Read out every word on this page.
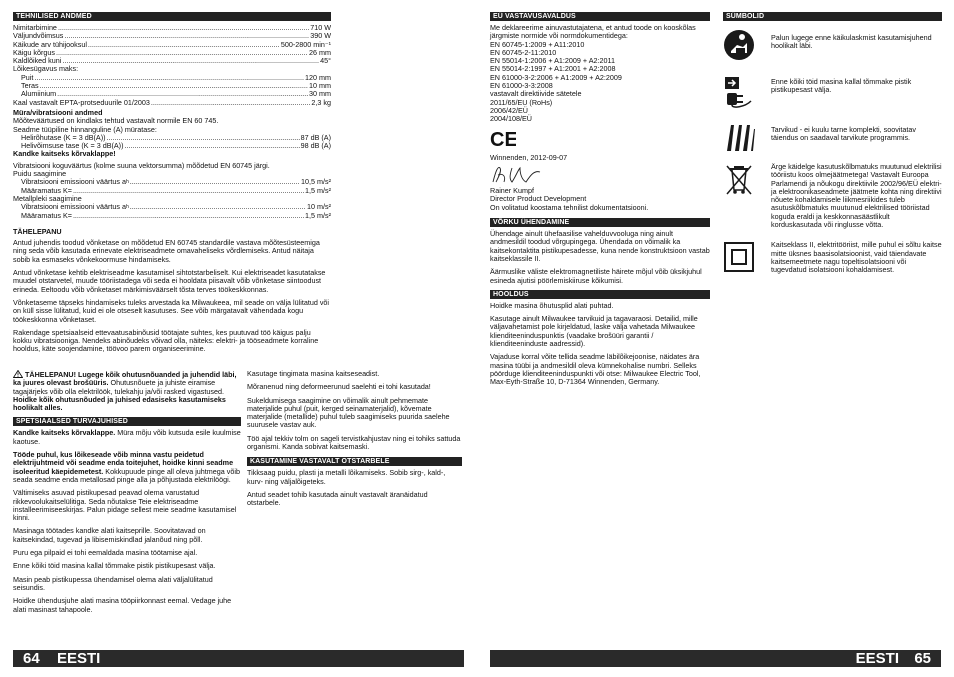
TEHNILISED ANDMED
Nimitarbimine .....	710 W
Väljundvõimsus .....	390 W
Käikude arv tühijooksul .....	500-2800 min⁻¹
Käigu kõrgus .....	26 mm
Kaldlõiked kuni .....	45°
Lõikesügavus maks:
Puit .....	120 mm
Teras .....	10 mm
Alumiinium .....	30 mm
Kaal vastavalt EPTA-protseduurile 01/2003 .....	2,3 kg
Müra/vibratsiooni andmed
Mõõteväärtused on kindlaks tehtud vastavalt normile EN 60 745.
Seadme tüüpiline hinnanguline (A) müratase:
Helirõhutase (K = 3 dB(A)) .....	87 dB (A)
Helivõimsuse tase (K = 3 dB(A)) .....	98 dB (A)
Kandke kaitseks kõrvaklappe!
Vibratsiooni koguväärtus (kolme suuna vektorsumma) mõõdetud EN 60745 järgi.
Puidu saagimine
Vibratsiooni emissiooni väärtus a h .....	10,5 m/s²
Määramatus K= .....	1,5 m/s²
Metallpleki saagimine
Vibratsiooni emissiooni väärtus a h .....	10 m/s²
Määramatus K= .....	1,5 m/s²
TÄHELEPANU

Antud juhendis toodud võnketase on mõõdetud EN 60745 standardile vastava mõõtesüsteemiga ning seda võib kasutada erinevate elektriseadmete omavaheliseks võrdlemiseks. Antud näitaja sobib ka esmaseks võnkekoormuse hindamiseks.

Antud võnketase kehtib elektriseadme kasutamisel sihtotstarbeliselt. Kui elektriseadet kasutatakse muudel otstarvetel, muude tööriistadega või seda ei hooldata piisavalt võib võnketase siintoodust erineda. Eeltoodu võib võnketaset märkimisväärselt tõsta terves töökeskkonnas.

Võnketaseme täpseks hindamiseks tuleks arvestada ka Milwaukeea, mil seade on välja lülitatud või on küll sisse lülitatud, kuid ei ole otseselt kasutuses. See võib märgatavalt vähendada kogu töökeskkonna võnketaset.

Rakendage spetsiaalseid ettevaatusabinõusid töötajate suhtes, kes puutuvad töö käigus palju kokku vibratsiooniga. Nendeks abinõudeks võivad olla, näiteks: elektri- ja tööseadmete korraline hooldus, käte soojendamine, töövoo parem organiseerimine.

TÄHELEPANU! Lugege kõik ohutusnõuanded ja juhendid läbi, ka juures olevast brošüüris. Ohutusnõuete ja juhiste eiramise tagajärjeks võib olla elektrilöök, tulekahju ja/või rasked vigastused.
Hoidke kõik ohutusnõuded ja juhised edasiseks kasutamiseks hoolikalt alles.

SPETSIAALSED TURVAJUHISED

Kandke kaitseks kõrvaklappe. Müra mõju võib kutsuda esile kuulmise kaotuse.

Tööde puhul, kus lõikeseade võib minna vastu peidetud elektrijuhtmeid või seadme enda toitejuhet, hoidke kinni seadme isoleeritud käepidemetest. Kokkupuude pinge all oleva juhtmega võib seada seadme enda metallosad pinge alla ja põhjustada elektrilöögi.

Vältimiseks asuvad pistikupesad peavad olema varustatud rikkevoolukaitselülitiga. Seda nõutakse Teie elektriseadme installeerimiseeskirjas. Palun pidage sellest meie seadme kasutamisel kinni.

Masinaga töötades kandke alati kaitseprille. Soovitatavad on kaitsekindad, tugevad ja libisemiskindlad jalanõud ning põll.

Puru ega pilpaid ei tohi eemaldada masina töötamise ajal.

Enne kõiki töid masina kallal tõmmake pistik pistikupesast välja.

Masin peab pistikupessa ühendamisel olema alati väljalülitatud seisundis.

Hoidke ühendusjuhe alati masina tööpiirkonnast eemal. Vedage juhe alati masinast tahapoole.

Kasutage tingimata masina kaitseseadist.

Mõranenud ning deformeerunud saelehti ei tohi kasutada!

Sukeldumisega saagimine on võimalik ainult pehmemate materjalide puhul (puit, kerged seinamaterjalid), kõvemate materjalide (metallide) puhul tuleb saagimiseks puurida saelehe suurusele vastav auk.

Töö ajal tekkiv tolm on sageli tervistkahjustav ning ei tohiks sattuda organismi. Kanda sobivat kaitsemaski.

KASUTAMINE VASTAVALT OTSTARBELE

Tikksaag puidu, plasti ja metalli lõikamiseks. Sobib sirg-, kald-, kurv- ning väljalõigeteks.

Antud seadet tohib kasutada ainult vastavalt äranäidatud otstarbele.

EÜ VASTAVUSAVALDUS
Me deklareerime ainuvastutajatena, et antud toode on kooskõlas järgmiste normide või normdokumentidega:
EN 60745-1:2009 + A11:2010
EN 60745-2-11:2010
EN 55014-1:2006 + A1:2009 + A2:2011
EN 55014-2:1997 + A1:2001 + A2:2008
EN 61000-3-2:2006 + A1:2009 + A2:2009
EN 61000-3-3:2008
vastavalt direktiivide sätetele
2011/65/EU (RoHs)
2006/42/EÜ
2004/108/EÜ
CE
Winnenden, 2012-09-07
Rainer Kumpf
Director Product Development
On volitatud koostama tehnilist dokumentatsiooni.
VÕRKU ÜHENDAMINE

Ühendage ainult ühefaasilise vahelduvvooluga ning ainult andmesildil toodud võrgupingega. Ühendada on võimalik ka kaitsekontaktita pistikupesadesse, kuna nende konstruktsioon vastab kaitseklassile II.

Äärmuslike väliste elektromagnetiliste häirete mõjul võib üksikjuhul esineda ajutisi pöörlemiskiiruse kõikumisi.

HOOLDUS

Hoidke masina õhutusplid alati puhtad.

Kasutage ainult Milwaukee tarvikuid ja tagavaraosi. Detailid, mille väljavahetamist pole kirjeldatud, laske välja vahetada Milwaukee klienditeeninduspunktis (vaadake brošüüri garantii / klienditeeninduste aadressid).

Vajaduse korral võite tellida seadme läbilõikejoonise, näidates ära masina tüübi ja andmesildil oleva kümnekohalise numbri. Selleks pöörduge klienditeeninduspunkti või otse: Milwaukee Electric Tool, Max-Eyth-Straße 10, D-71364 Winnenden, Germany.

SÜMBOLID
Palun lugege enne käikulaskmist kasutamisjuhend hoolikalt läbi.
Enne kõiki töid masina kallal tõmmake pistik pistikupesast välja.
Tarvikud - ei kuulu tarne komplekti, soovitatav täiendus on saadaval tarvikute programmis.
Ärge käidelge kasutuskõlbmatuks muutunud elektrilisi tööriistu koos olmejäätmetega! Vastavalt Euroopa Parlamendi ja nõukogu direktiivile 2002/96/EÜ elektri- ja elektroonikaseadmete jäätmete kohta ning direktiivi nõuete kohaldamisele liikmesriikides tuleb asutuskõlbmatuks muutunud elektrilised tööriistad koguda eraldi ja keskkonnasäästlikult korduskasutada või ringlusse võtta.
Kaitseklass II, elektritööriist, mille puhul ei sõltu kaitse mitte üksnes baasisolatsioonist, vaid täiendavate kaitsemeetmete nagu topeltisolatsiooni või tugevdatud isolatsiooni kohaldamisest.
64 EESTI	EESTI 65
